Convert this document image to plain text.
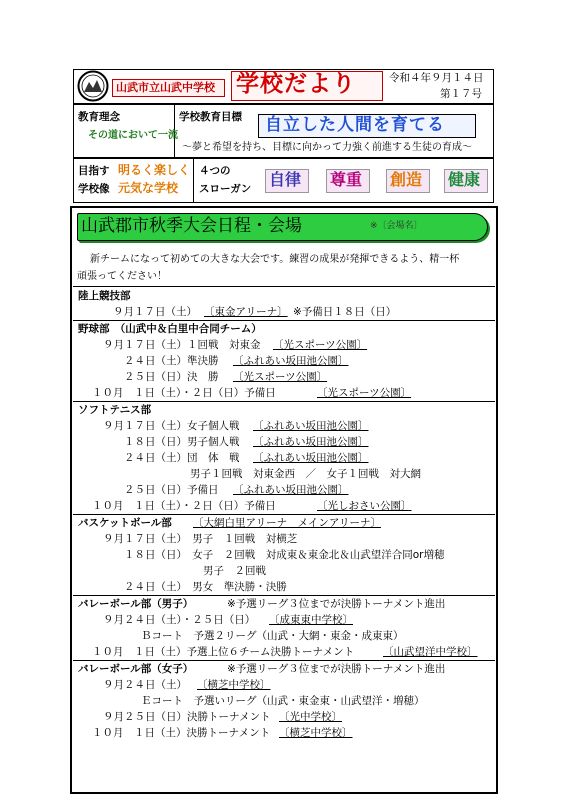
山武市立山武中学校 学校だより	令和４年９月１４日
第１７号
教育理念
その道において一流
学校教育目標 自立した人間を育てる
～夢と希望を持ち、目標に向かって力強く前進する生徒の育成～
目指す
学校像
明るく楽しく
元気な学校
４つの
スローガン 自律 尊重 創造 健康
山武郡市秋季大会日程・会場	※〔会場名〕
新チームになって初めての大きな大会です。練習の成果が発揮できるよう、精一杯
頑張ってください！
陸上競技部
９月１７日（土） 〔東金アリーナ〕 ※予備日１８日（日）
野球部　（山武中＆白里中合同チーム）
９月１７日（土）１回戦　対東金 〔光スポーツ公園〕
２４日（土）準決勝 〔ふれあい坂田池公園〕
２５日（日）決　勝 〔光スポーツ公園〕
１０月　１日（土）・２日（日）予備日	〔光スポーツ公園〕
ソフトテニス部
９月１７日（土）女子個人戦 〔ふれあい坂田池公園〕
１８日（日）男子個人戦 〔ふれあい坂田池公園〕
２４日（土）団　体　戦 〔ふれあい坂田池公園〕
男子１回戦　対東金西　／　女子１回戦　対大網
２５日（日）予備日 〔ふれあい坂田池公園〕
１０月　１日（土）・２日（日）予備日	〔光しおさい公園〕
バスケットボール部 〔大網白里アリーナ　メインアリーナ〕
９月１７日（土）　男子　１回戦　対横芝
１８日（日）　女子　２回戦　対成東＆東金北＆山武望洋合同or増穂
男子　２回戦
２４日（土）　男女　準決勝・決勝
バレーボール部（男子）	※予選リーグ３位までが決勝トーナメント進出
９月２４日（土）・２５日（日） 〔成東東中学校〕
Ｂコート　予選２リーグ（山武・大網・東金・成東東）
１０月　１日（土）予選上位６チーム決勝トーナメント	〔山武望洋中学校〕
バレーボール部（女子）	※予選リーグ３位までが決勝トーナメント進出
９月２４日（土） 〔横芝中学校〕
Ｅコート　予選いリーグ（山武・東金東・山武望洋・増穂）
９月２５日（日）決勝トーナメント 〔光中学校〕
１０月　１日（土）決勝トーナメント 〔横芝中学校〕
